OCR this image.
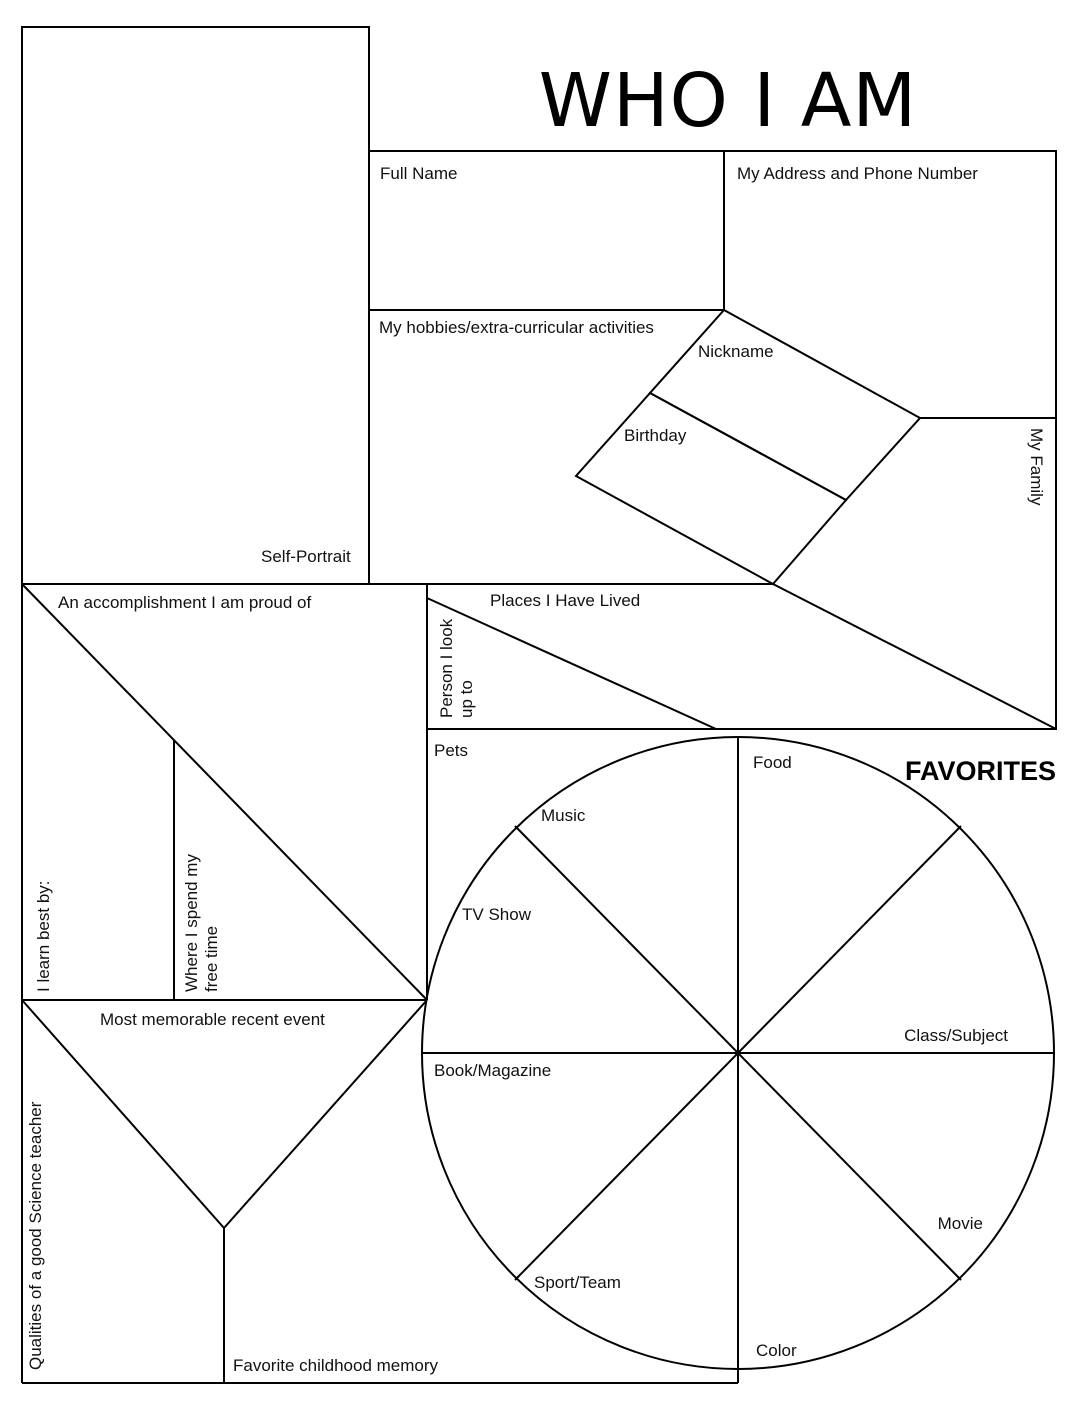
WHO I AM
Full Name	My Address and Phone Number
My hobbies/extra-curricular activities
Nickname
Birthday
Self-Portrait
My Family
An accomplishment I am proud of	Places I Have Lived
Person I look up to
Pets
I learn best by:	Where I spend my free time
Most memorable recent event
Qualities of a good Science teacher	Favorite childhood memory
FAVORITES
Food
Music
TV Show
Class/Subject
Book/Magazine
Movie
Sport/Team
Color
